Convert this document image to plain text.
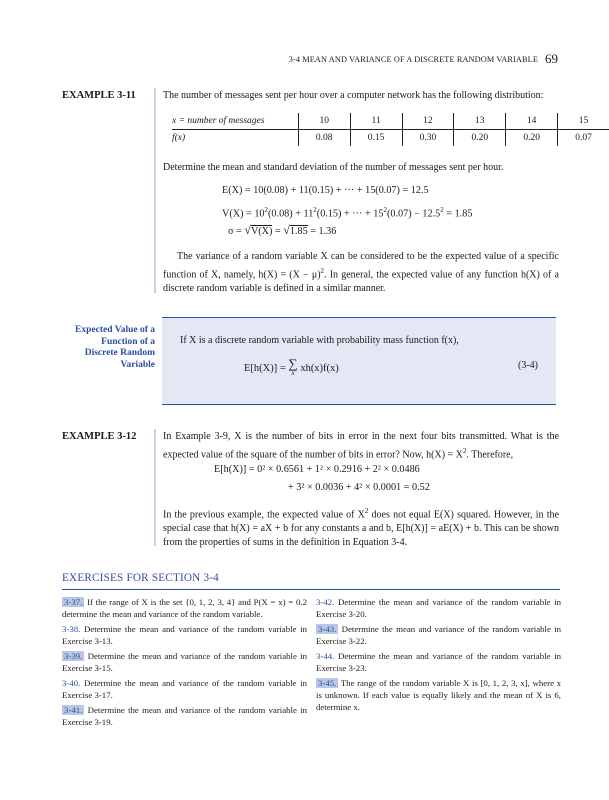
3-4 MEAN AND VARIANCE OF A DISCRETE RANDOM VARIABLE 69
EXAMPLE 3-11	The number of messages sent per hour over a computer network has the following distribution:
x = number of messages	10	11	12	13	14	15
f(x)	0.08	0.15	0.30	0.20	0.20	0.07
Determine the mean and standard deviation of the number of messages sent per hour.
E(X) = 10(0.08) + 11(0.15) + ··· + 15(0.07) = 12.5
$V(X) = 10^2(0.08) + 11^2(0.15)$ + ··· + $15^2(0.07) - 12.5^2 = 1.85$
σ = √V(X) = √1.85 = 1.36
The variance of a random variable X can be considered to be the expected value of a specific function of X, namely, $h(X) = (X - \mu)^2$. In general, the expected value of any function h(X) of a discrete random variable is defined in a similar manner.
Expected Value of a
Function of a
Discrete Random
Variable
If X is a discrete random variable with probability mass function f(x),
E[h(X)] = ∑
x xh(x)f(x)	(3-4)
EXAMPLE 3-12	In Example 3-9, X is the number of bits in error in the next four bits transmitted. What is the expected value of the square of the number of bits in error? Now, $h(X) = X^2$. Therefore,
E[h(X)] = 0² × 0.6561 + 1² × 0.2916 + 2² × 0.0486
+ 3² × 0.0036 + 4² × 0.0001 = 0.52
In the previous example, the expected value of $X^2$ does not equal E(X) squared. However, in the special case that h(X) = aX + b for any constants a and b, E[h(X)] = aE(X) + b. This can be shown from the properties of sums in the definition in Equation 3-4.
EXERCISES FOR SECTION 3-4
3-37. If the range of X is the set {0, 1, 2, 3, 4} and P(X = x) = 0.2 determine the mean and variance of the random variable.
3-38. Determine the mean and variance of the random variable in Exercise 3-13.
3-39. Determine the mean and variance of the random variable in Exercise 3-15.
3-40. Determine the mean and variance of the random variable in Exercise 3-17.
3-41. Determine the mean and variance of the random variable in Exercise 3-19.
3-42. Determine the mean and variance of the random variable in Exercise 3-20.
3-43. Determine the mean and variance of the random variable in Exercise 3-22.
3-44. Determine the mean and variance of the random variable in Exercise 3-23.
3-45. The range of the random variable X is [0, 1, 2, 3, x], where x is unknown. If each value is equally likely and the mean of X is 6, determine x.
